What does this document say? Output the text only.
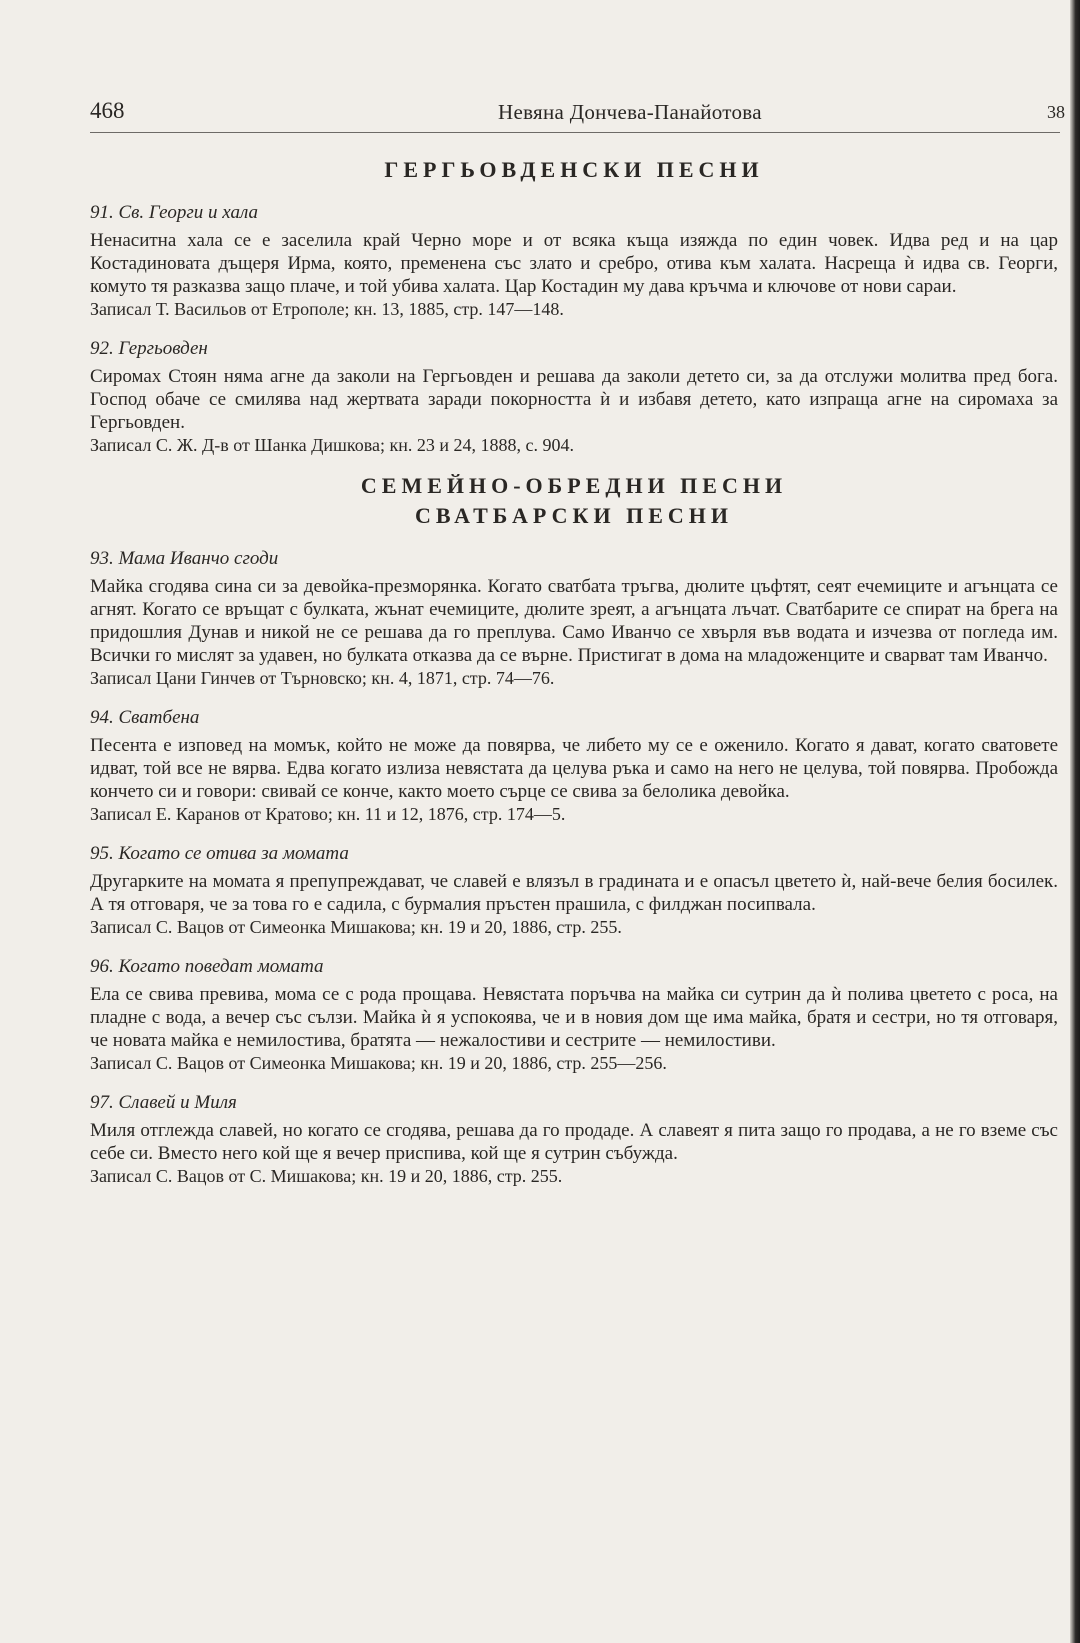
468	Невяна Дончева-Панайотова	38
ГЕРГЬОВДЕНСКИ ПЕСНИ

91. Св. Георги и хала

Ненаситна хала се е заселила край Черно море и от всяка къща изяжда по един човек. Идва ред и на цар Костадиновата дъщеря Ирма, която, пременена със злато и сребро, отива към халата. Насреща ѝ идва св. Георги, комуто тя разказва защо плаче, и той убива халата. Цар Костадин му дава кръчма и ключове от нови сараи.

Записал Т. Васильов от Етрополе; кн. 13, 1885, стр. 147—148.

92. Гергьовден

Сиромах Стоян няма агне да заколи на Гергьовден и решава да заколи детето си, за да отслужи молитва пред бога. Господ обаче се смилява над жертвата заради покорността ѝ и избавя детето, като изпраща агне на сиромаха за Гергьовден.

Записал С. Ж. Д-в от Шанка Дишкова; кн. 23 и 24, 1888, с. 904.

СЕМЕЙНО-ОБРЕДНИ ПЕСНИ
СВАТБАРСКИ ПЕСНИ

93. Мама Иванчо сгоди

Майка сгодява сина си за девойка-презморянка. Когато сватбата тръгва, дюлите цъфтят, сеят ечемиците и агънцата се агнят. Когато се връщат с булката, жънат ечемиците, дюлите зреят, а агънцата лъчат. Сватбарите се спират на брега на придошлия Дунав и никой не се решава да го преплува. Само Иванчо се хвърля във водата и изчезва от погледа им. Всички го мислят за удавен, но булката отказва да се върне. Пристигат в дома на младоженците и сварват там Иванчо.

Записал Цани Гинчев от Търновско; кн. 4, 1871, стр. 74—76.

94. Сватбена

Песента е изповед на момък, който не може да повярва, че либето му се е оженило. Когато я дават, когато сватовете идват, той все не вярва. Едва когато излиза невястата да целува ръка и само на него не целува, той повярва. Пробожда кончето си и говори: свивай се конче, както моето сърце се свива за белолика девойка.

Записал Е. Каранов от Кратово; кн. 11 и 12, 1876, стр. 174—5.

95. Когато се отива за момата

Другарките на момата я препупреждават, че славей е влязъл в градината и е опасъл цветето ѝ, най-вече белия босилек. А тя отговаря, че за това го е садила, с бурмалия пръстен прашила, с филджан посипвала.

Записал С. Вацов от Симеонка Мишакова; кн. 19 и 20, 1886, стр. 255.

96. Когато поведат момата

Ела се свива превива, мома се с рода прощава. Невястата поръчва на майка си сутрин да ѝ полива цветето с роса, на пладне с вода, а вечер със сълзи. Майка ѝ я успокоява, че и в новия дом ще има майка, братя и сестри, но тя отговаря, че новата майка е немилостива, братята — нежалостиви и сестрите — немилостиви.

Записал С. Вацов от Симеонка Мишакова; кн. 19 и 20, 1886, стр. 255—256.

97. Славей и Миля

Миля отглежда славей, но когато се сгодява, решава да го продаде. А славеят я пита защо го продава, а не го вземе със себе си. Вместо него кой ще я вечер приспива, кой ще я сутрин събужда.

Записал С. Вацов от С. Мишакова; кн. 19 и 20, 1886, стр. 255.
